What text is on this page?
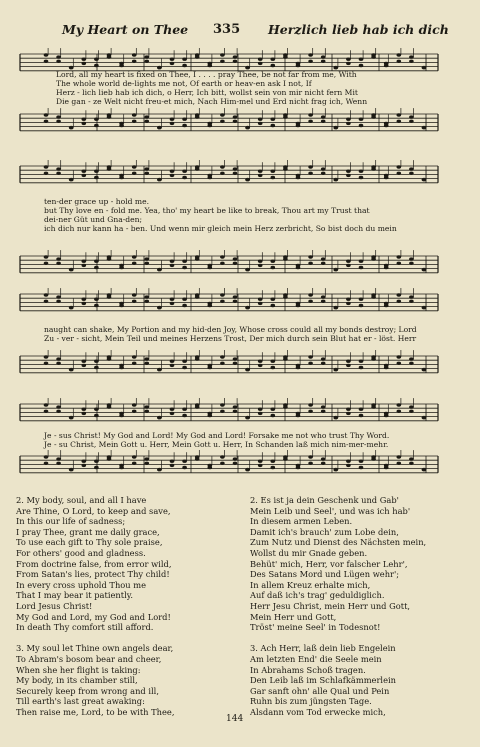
My Heart on Thee 335 Herzlich lieb hab ich dich
Lord, all my heart is fixed on Thee, I . . . . pray Thee, be not far from me, With
The whole world de-lights me not, Of earth or heav-en ask I not, If
Herz - lich lieb hab ich dich, o Herr, Ich bitt, wollst sein von mir nicht fern Mit
Die gan - ze Welt nicht freu-et mich, Nach Him-mel und Erd nicht frag ich, Wenn
ten-der grace up - hold me.
but Thy love en - fold me. Yea, tho' my heart be like to break, Thou art my Trust that
dei-ner Güt und Gna-den;
ich dich nur kann ha - ben. Und wenn mir gleich mein Herz zerbricht, So bist doch du mein
naught can shake, My Portion and my hid-den Joy, Whose cross could all my bonds destroy; Lord
Zu - ver - sicht, Mein Teil und meines Herzens Trost, Der mich durch sein Blut hat er - löst. Herr
Je - sus Christ! My God and Lord! My God and Lord! Forsake me not who trust Thy Word.
Je - su Christ, Mein Gott u. Herr, Mein Gott u. Herr, In Schanden laß mich nim-mer-mehr.
2. My body, soul, and all I have
Are Thine, O Lord, to keep and save,
In this our life of sadness;
I pray Thee, grant me daily grace,
To use each gift to Thy sole praise,
For others' good and gladness.
From doctrine false, from error wild,
From Satan's lies, protect Thy child!
In every cross uphold Thou me
That I may bear it patiently.
Lord Jesus Christ!
My God and Lord, my God and Lord!
In death Thy comfort still afford.
3. My soul let Thine own angels dear,
To Abram's bosom bear and cheer,
When she her flight is taking:
My body, in its chamber still,
Securely keep from wrong and ill,
Till earth's last great awaking:
Then raise me, Lord, to be with Thee,
2. Es ist ja dein Geschenk und Gab'
Mein Leib und Seel', und was ich hab'
In diesem armen Leben.
Damit ich's brauch' zum Lobe dein,
Zum Nutz und Dienst des Nächsten mein,
Wollst du mir Gnade geben.
Behüt' mich, Herr, vor falscher Lehr',
Des Satans Mord und Lügen wehr';
In allem Kreuz erhalte mich,
Auf daß ich's trag' geduldiglich.
Herr Jesu Christ, mein Herr und Gott,
Mein Herr und Gott,
Tröst' meine Seel' in Todesnot!
3. Ach Herr, laß dein lieb Engelein
Am letzten End' die Seele mein
In Abrahams Schoß tragen.
Den Leib laß im Schlafkämmerlein
Gar sanft ohn' alle Qual und Pein
Ruhn bis zum jüngsten Tage.
Alsdann vom Tod erwecke mich,
144
